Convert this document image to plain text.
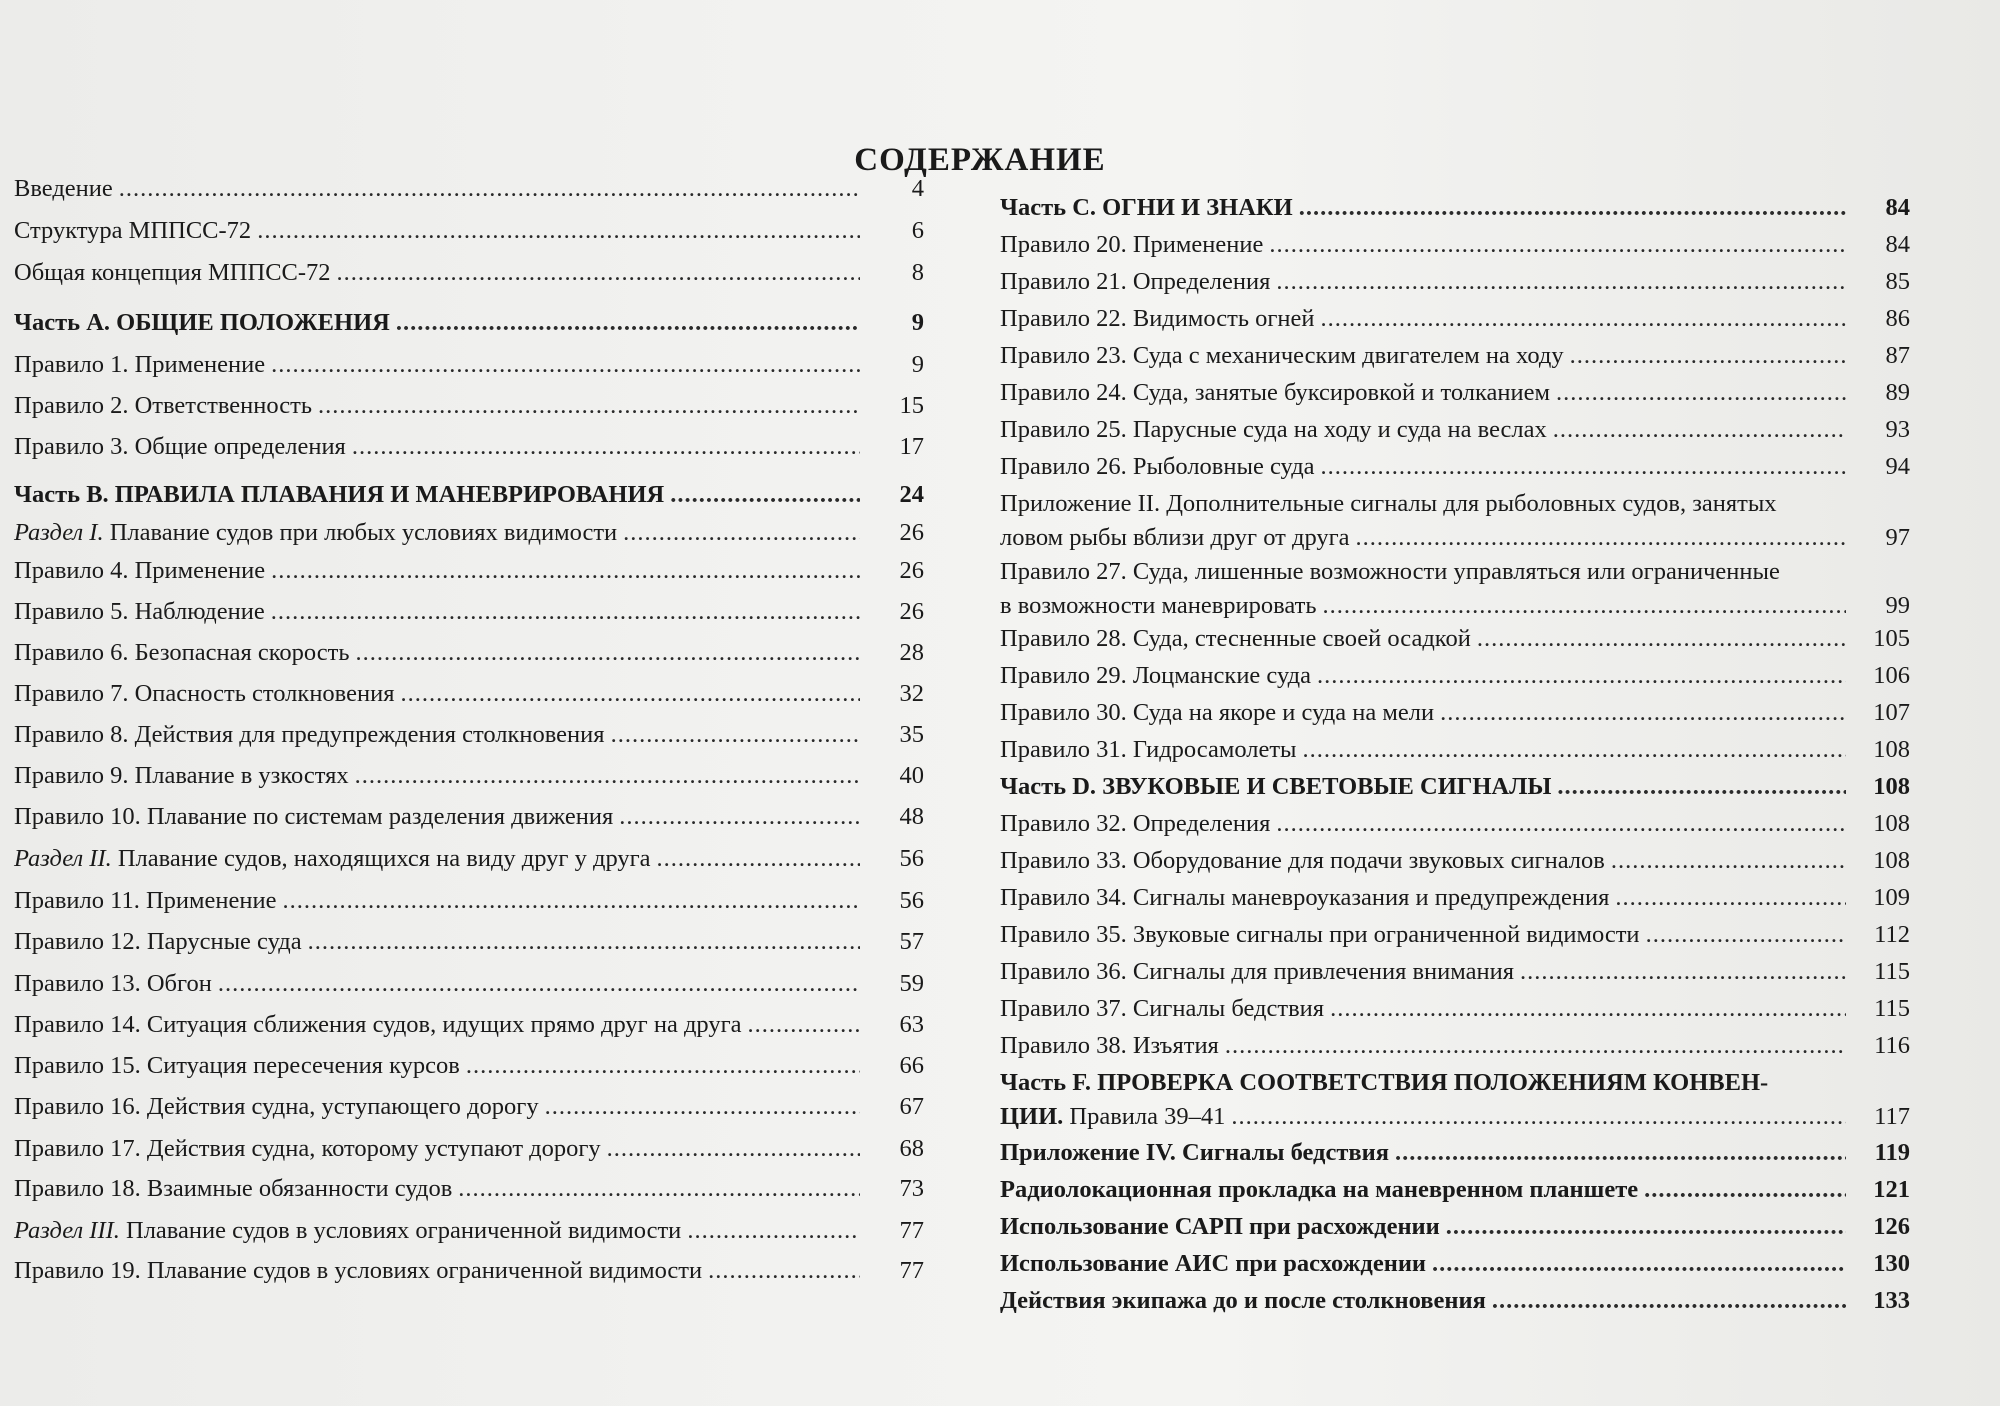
СОДЕРЖАНИЕ
Введение .....	4
Структура МППСС-72 .....	6
Общая концепция МППСС-72 .....	8
Часть A. ОБЩИЕ ПОЛОЖЕНИЯ .....	9
Правило 1. Применение .....	9
Правило 2. Ответственность .....	15
Правило 3. Общие определения .....	17
Часть B. ПРАВИЛА ПЛАВАНИЯ И МАНЕВРИРОВАНИЯ .....	24
Раздел I. Плавание судов при любых условиях видимости .....	26
Правило 4. Применение .....	26
Правило 5. Наблюдение .....	26
Правило 6. Безопасная скорость .....	28
Правило 7. Опасность столкновения .....	32
Правило 8. Действия для предупреждения столкновения .....	35
Правило 9. Плавание в узкостях .....	40
Правило 10. Плавание по системам разделения движения .....	48
Раздел II. Плавание судов, находящихся на виду друг у друга .....	56
Правило 11. Применение .....	56
Правило 12. Парусные суда .....	57
Правило 13. Обгон .....	59
Правило 14. Ситуация сближения судов, идущих прямо друг на друга .....	63
Правило 15. Ситуация пересечения курсов .....	66
Правило 16. Действия судна, уступающего дорогу .....	67
Правило 17. Действия судна, которому уступают дорогу .....	68
Правило 18. Взаимные обязанности судов .....	73
Раздел III. Плавание судов в условиях ограниченной видимости .....	77
Правило 19. Плавание судов в условиях ограниченной видимости .....	77
Часть C. ОГНИ И ЗНАКИ .....	84
Правило 20. Применение .....	84
Правило 21. Определения .....	85
Правило 22. Видимость огней .....	86
Правило 23. Суда с механическим двигателем на ходу .....	87
Правило 24. Суда, занятые буксировкой и толканием .....	89
Правило 25. Парусные суда на ходу и суда на веслах .....	93
Правило 26. Рыболовные суда .....	94
Приложение II. Дополнительные сигналы для рыболовных судов, занятых
ловом рыбы вблизи друг от друга .....	97
Правило 27. Суда, лишенные возможности управляться или ограниченные
в возможности маневрировать .....	99
Правило 28. Суда, стесненные своей осадкой .....	105
Правило 29. Лоцманские суда .....	106
Правило 30. Суда на якоре и суда на мели .....	107
Правило 31. Гидросамолеты .....	108
Часть D. ЗВУКОВЫЕ И СВЕТОВЫЕ СИГНАЛЫ .....	108
Правило 32. Определения .....	108
Правило 33. Оборудование для подачи звуковых сигналов .....	108
Правило 34. Сигналы маневроуказания и предупреждения .....	109
Правило 35. Звуковые сигналы при ограниченной видимости .....	112
Правило 36. Сигналы для привлечения внимания .....	115
Правило 37. Сигналы бедствия .....	115
Правило 38. Изъятия .....	116
Часть F. ПРОВЕРКА СООТВЕТСТВИЯ ПОЛОЖЕНИЯМ КОНВЕН-
ЦИИ. Правила 39–41 .....	117
Приложение IV. Сигналы бедствия .....	119
Радиолокационная прокладка на маневренном планшете .....	121
Использование САРП при расхождении .....	126
Использование АИС при расхождении .....	130
Действия экипажа до и после столкновения .....	133
